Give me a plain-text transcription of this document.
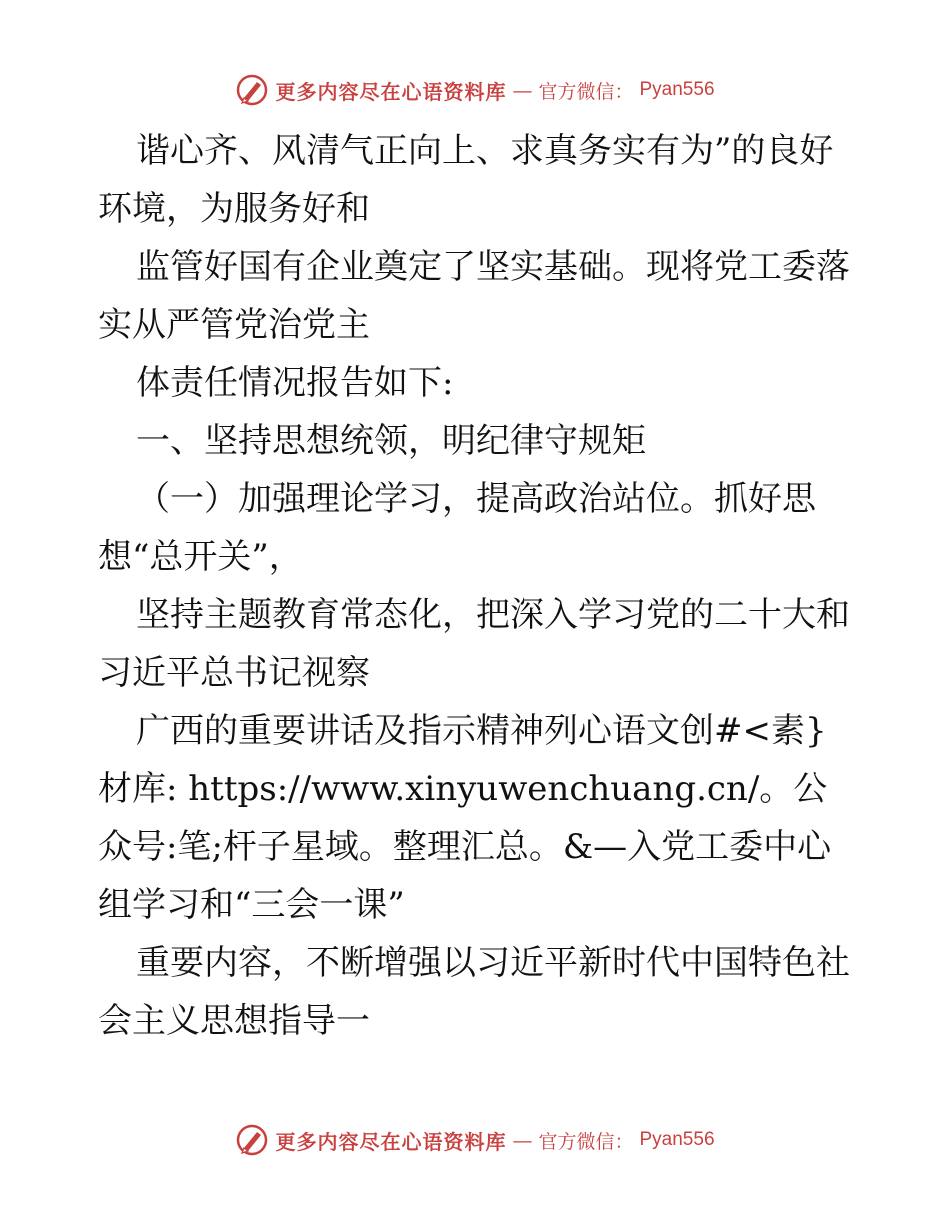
更多内容尽在心语资料库 — 官方微信： Pyan556

谐心齐、风清气正向上、求真务实有为”的良好环境，为服务好和

监管好国有企业奠定了坚实基础。现将党工委落实从严管党治党主

体责任情况报告如下:

一、坚持思想统领，明纪律守规矩

（一）加强理论学习，提高政治站位。抓好思想“总开关”，

坚持主题教育常态化，把深入学习党的二十大和习近平总书记视察

广西的重要讲话及指示精神列心语文创#<素}材库: https://www.xinyuwenchuang.cn/。公众号:笔;杆子星域。整理汇总。&—入党工委中心组学习和“三会一课”

重要内容，不断增强以习近平新时代中国特色社会主义思想指导一

更多内容尽在心语资料库 — 官方微信： Pyan556
